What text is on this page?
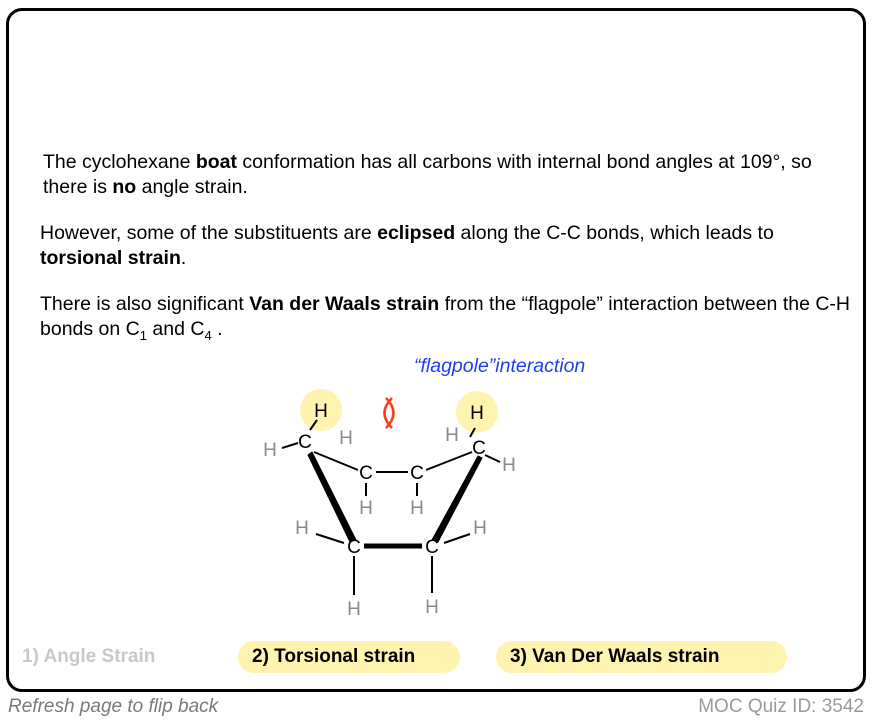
The cyclohexane boat conformation has all carbons with internal bond angles at 109°, so there is no angle strain.

However, some of the substituents are eclipsed along the C-C bonds, which leads to torsional strain.

There is also significant Van der Waals strain from the “flagpole” interaction between the C-H bonds on $C_1$ and $C_4$ .

“flagpole”interaction
C
C C
C
C
C
H	H
H
H
H H
H
H
H	H
H	H
1) Angle Strain	2) Torsional strain	3) Van Der Waals strain
Refresh page to flip back	MOC Quiz ID: 3542
